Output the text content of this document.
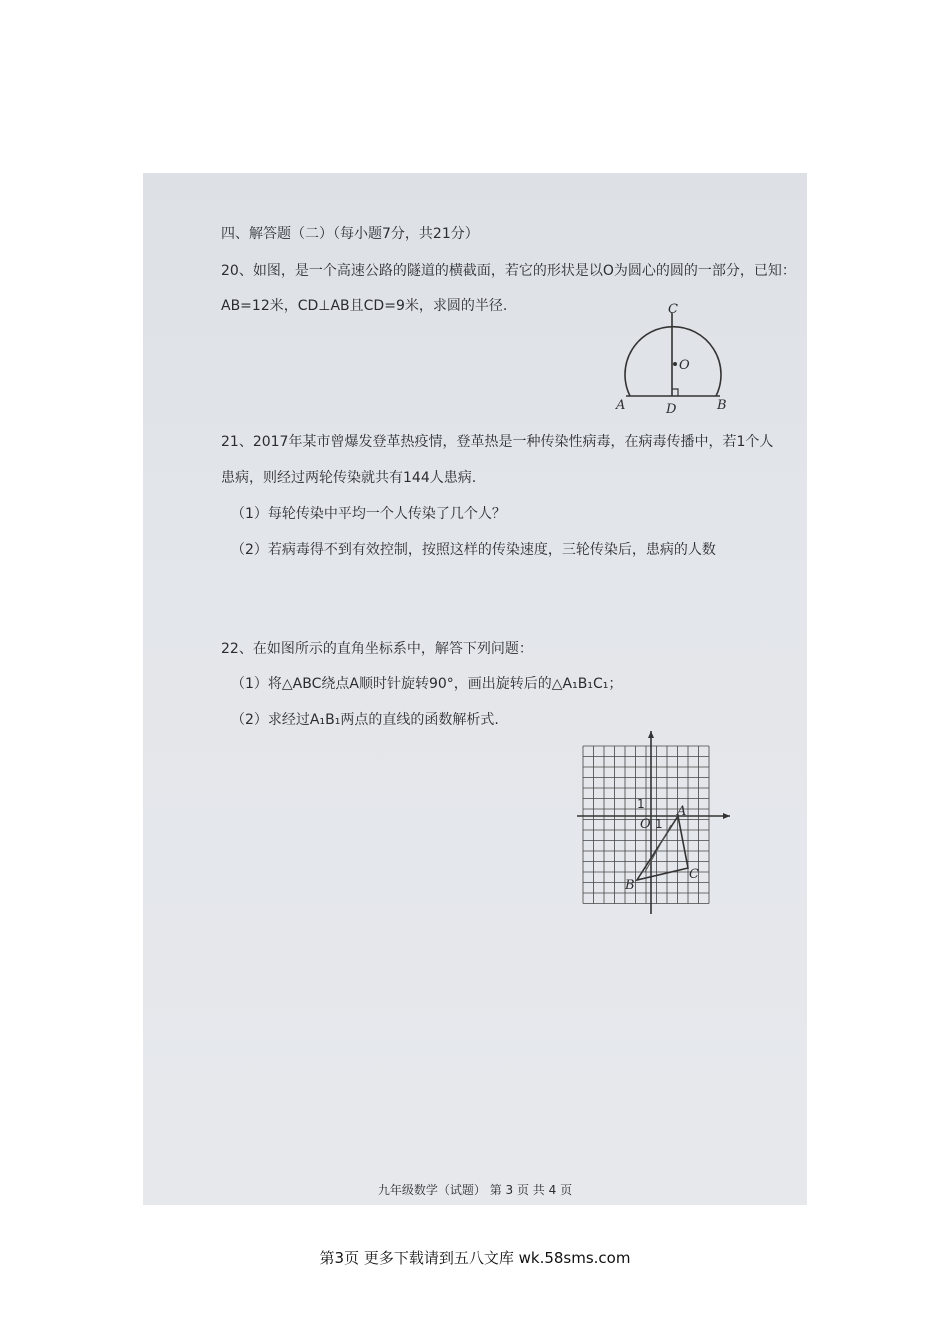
四、解答题（二）（每小题7分，共21分）
20、如图，是一个高速公路的隧道的横截面，若它的形状是以O为圆心的圆的一部分，已知：
AB=12米，CD⊥AB且CD=9米，求圆的半径.	C
O
A	D	B
21、2017年某市曾爆发登革热疫情，登革热是一种传染性病毒，在病毒传播中，若1个人
患病，则经过两轮传染就共有144人患病.
（1）每轮传染中平均一个人传染了几个人？
（2）若病毒得不到有效控制，按照这样的传染速度，三轮传染后，患病的人数
22、在如图所示的直角坐标系中，解答下列问题：
（1）将△ABC绕点A顺时针旋转90°，画出旋转后的△A₁B₁C₁；
（2）求经过A₁B₁两点的直线的函数解析式.
1
O 1
A
B
C
九年级数学（试题） 第 3 页 共 4 页
第3页 更多下载请到五八文库 wk.58sms.com
